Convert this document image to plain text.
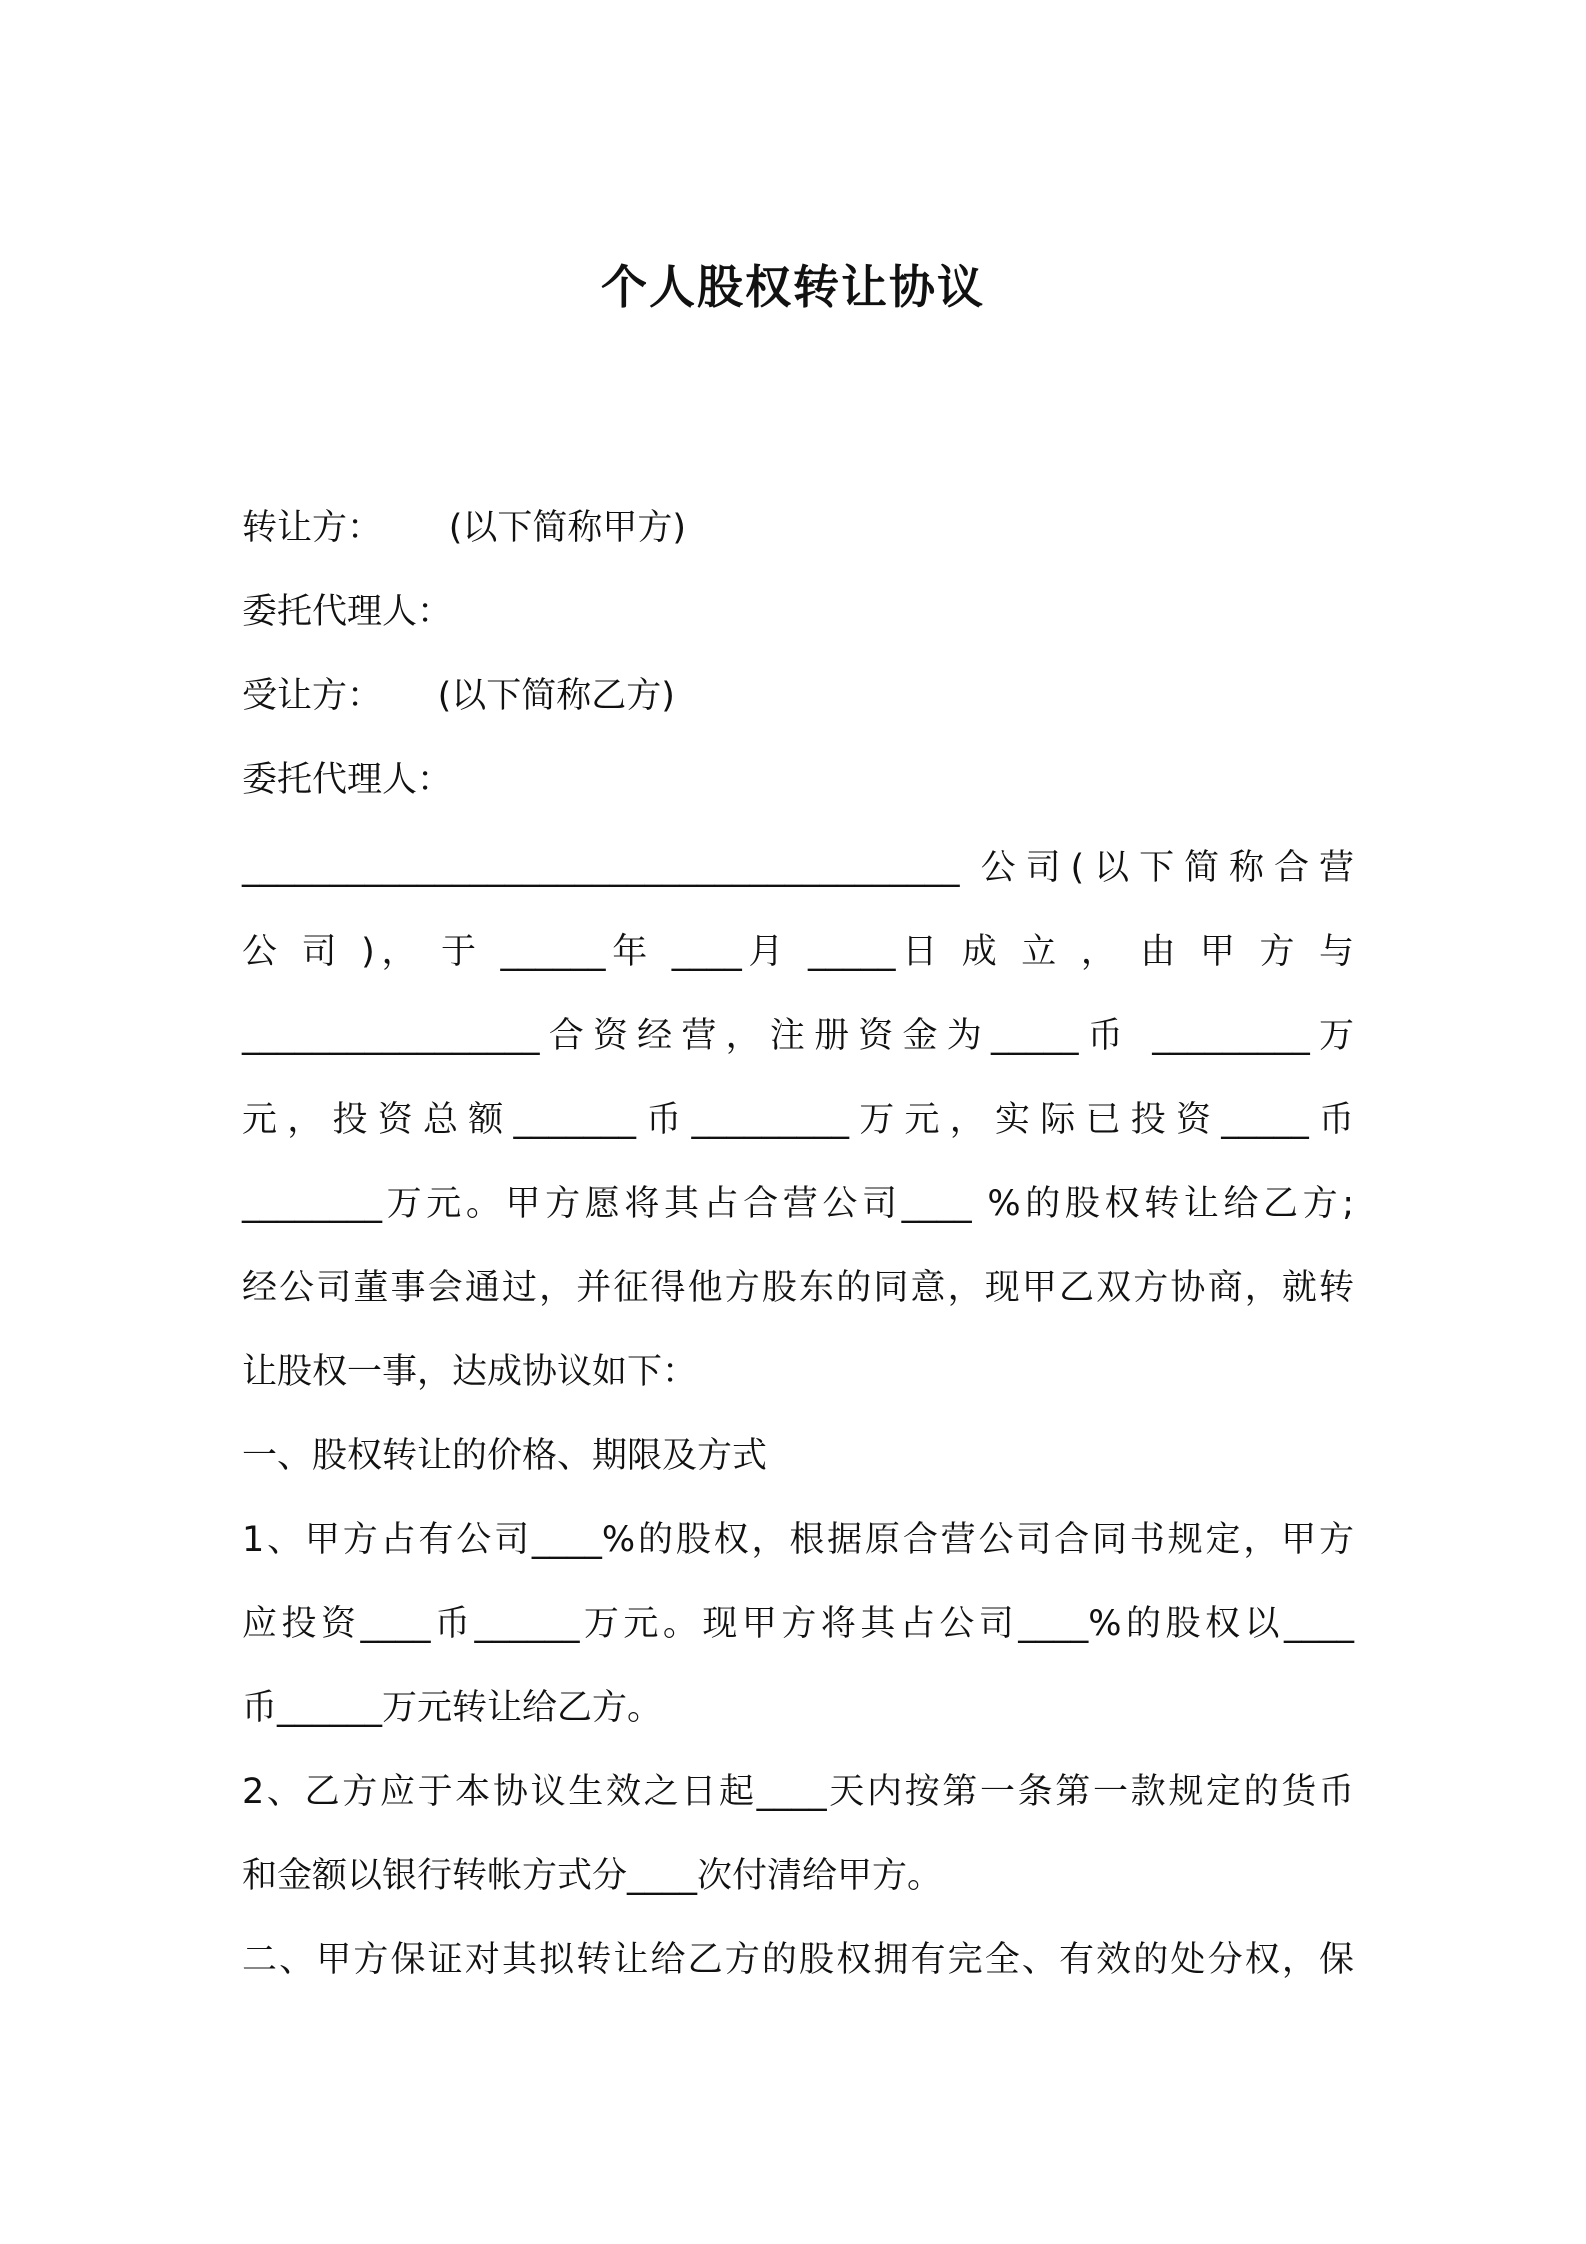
个人股权转让协议
转让方：      (以下简称甲方)
委托代理人：
受让方：     (以下简称乙方)
委托代理人：
_________________________________________ 公司(以下简称合营
公 司 )， 于 ______年 ____月 _____日 成 立 ， 由 甲 方 与
_________________合资经营，注册资金为_____币 _________万
元，投资总额_______币_________万元，实际已投资_____币
________万元。甲方愿将其占合营公司____ %的股权转让给乙方;
经公司董事会通过，并征得他方股东的同意，现甲乙双方协商，就转
让股权一事，达成协议如下：
一、股权转让的价格、期限及方式
1、甲方占有公司____%的股权，根据原合营公司合同书规定，甲方
应投资____币______万元。现甲方将其占公司____%的股权以____
币______万元转让给乙方。
2、乙方应于本协议生效之日起____天内按第一条第一款规定的货币
和金额以银行转帐方式分____次付清给甲方。
二、甲方保证对其拟转让给乙方的股权拥有完全、有效的处分权，保
